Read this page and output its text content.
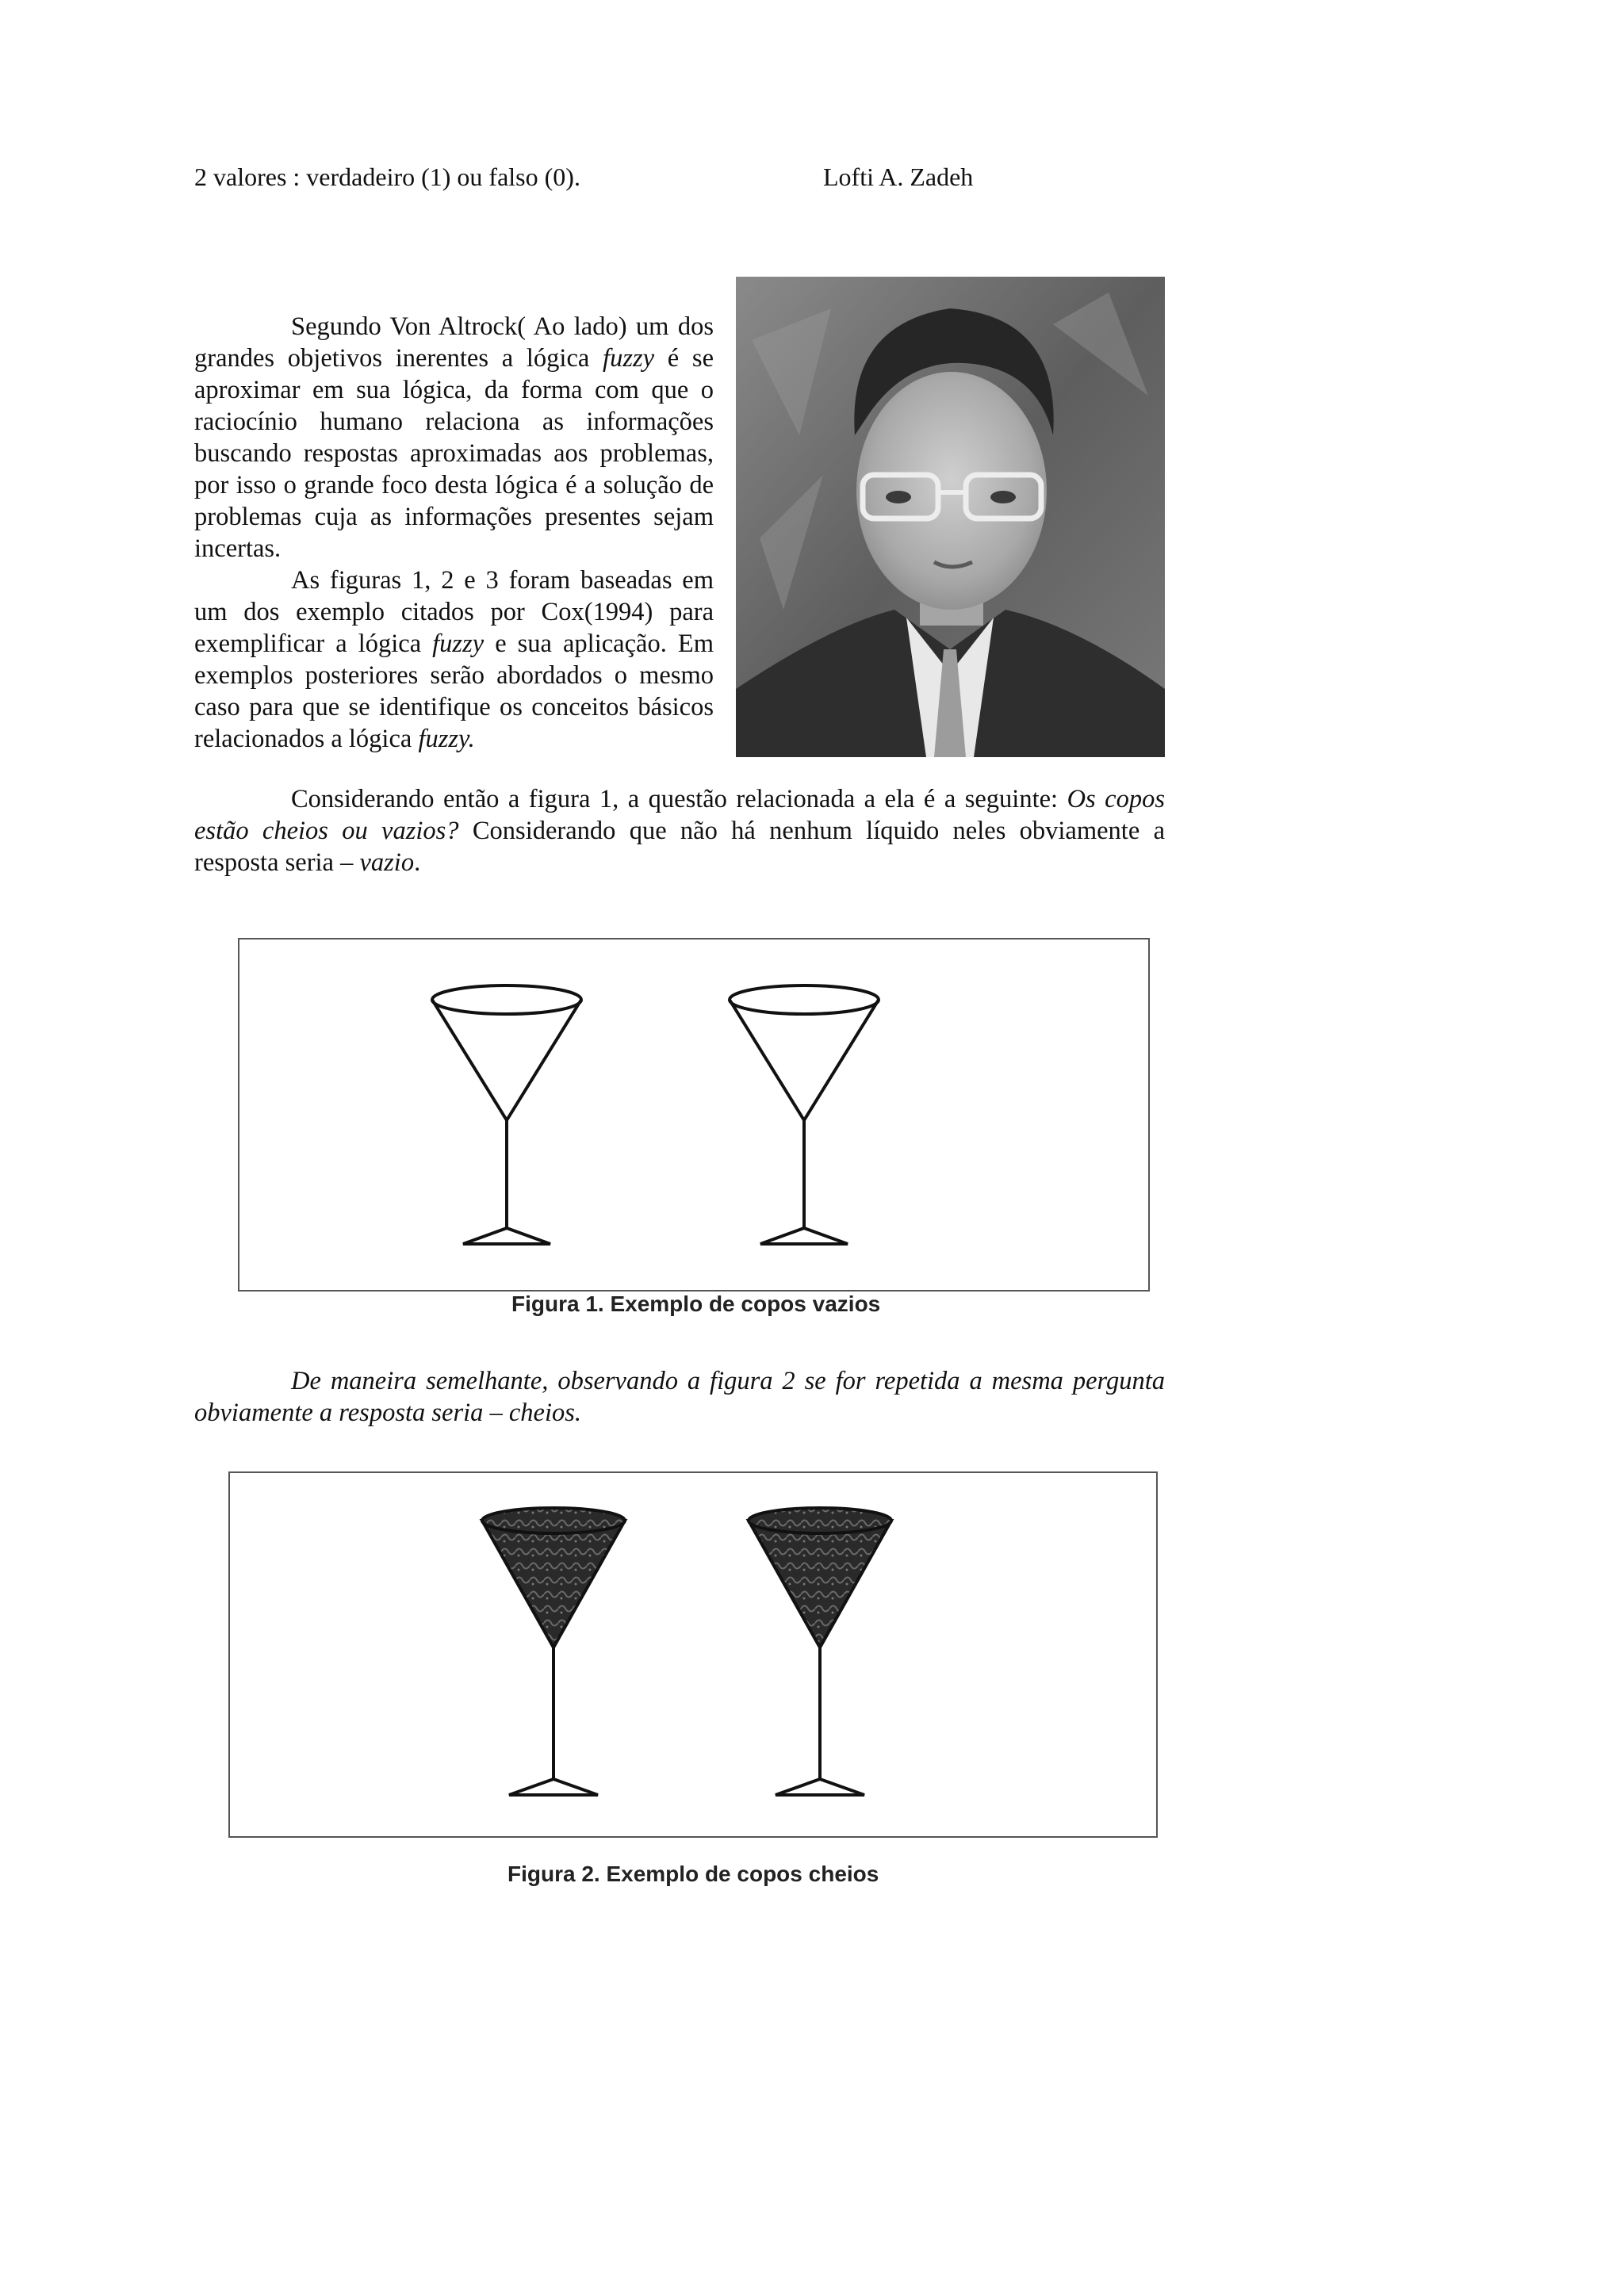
2 valores : verdadeiro (1) ou falso (0).	Lofti A. Zadeh

Segundo Von Altrock( Ao lado) um dos grandes objetivos inerentes a lógica fuzzy é se aproximar em sua lógica, da forma com que o raciocínio humano relaciona as informações buscando respostas aproximadas aos problemas, por isso o grande foco desta lógica é a solução de problemas cuja as informações presentes sejam incertas.

As figuras 1, 2 e 3 foram baseadas em um dos exemplo citados por Cox(1994) para exemplificar a lógica fuzzy e sua aplicação. Em exemplos posteriores serão abordados o mesmo caso para que se identifique os conceitos básicos relacionados a lógica fuzzy.

Considerando então a figura 1, a questão relacionada a ela é a seguinte: Os copos estão cheios ou vazios? Considerando que não há nenhum líquido neles obviamente a resposta seria – vazio.

Figura 1. Exemplo de copos vazios

De maneira semelhante, observando a figura 2 se for repetida a mesma pergunta obviamente a resposta seria – cheios.

Figura 2. Exemplo de copos cheios
